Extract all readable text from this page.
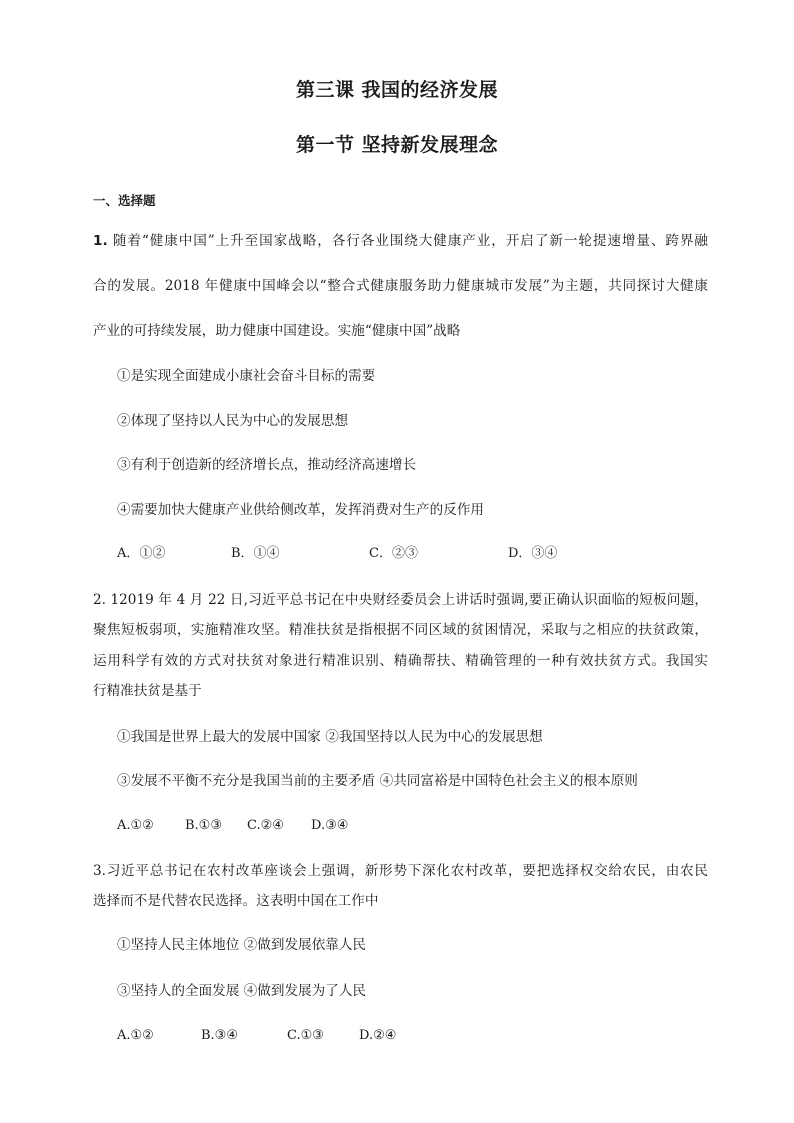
第三课 我国的经济发展
第一节 坚持新发展理念
一、选择题
1. 随着“健康中国”上升至国家战略，各行各业围绕大健康产业，开启了新一轮提速增量、跨界融
合的发展。2018 年健康中国峰会以“整合式健康服务助力健康城市发展”为主题，共同探讨大健康
产业的可持续发展，助力健康中国建设。实施“健康中国”战略
①是实现全面建成小康社会奋斗目标的需要
②体现了坚持以人民为中心的发展思想
③有利于创造新的经济增长点，推动经济高速增长
④需要加快大健康产业供给侧改革，发挥消费对生产的反作用
A．①②	B．①④	C．②③	D．③④
2. 12019 年 4 月 22 日,习近平总书记在中央财经委员会上讲话时强调,要正确认识面临的短板问题，
聚焦短板弱项，实施精准攻坚。精准扶贫是指根据不同区域的贫困情况，采取与之相应的扶贫政策，
运用科学有效的方式对扶贫对象进行精准识别、精确帮扶、精确管理的一种有效扶贫方式。我国实
行精准扶贫是基于
①我国是世界上最大的发展中国家 ②我国坚持以人民为中心的发展思想
③发展不平衡不充分是我国当前的主要矛盾 ④共同富裕是中国特色社会主义的根本原则
A.①② B.①③ C.②④ D.③④
3.习近平总书记在农村改革座谈会上强调，新形势下深化农村改革，要把选择权交给农民，由农民
选择而不是代替农民选择。这表明中国在工作中
①坚持人民主体地位 ②做到发展依靠人民
③坚持人的全面发展 ④做到发展为了人民
A.①②	B.③④	C.①③	D.②④
